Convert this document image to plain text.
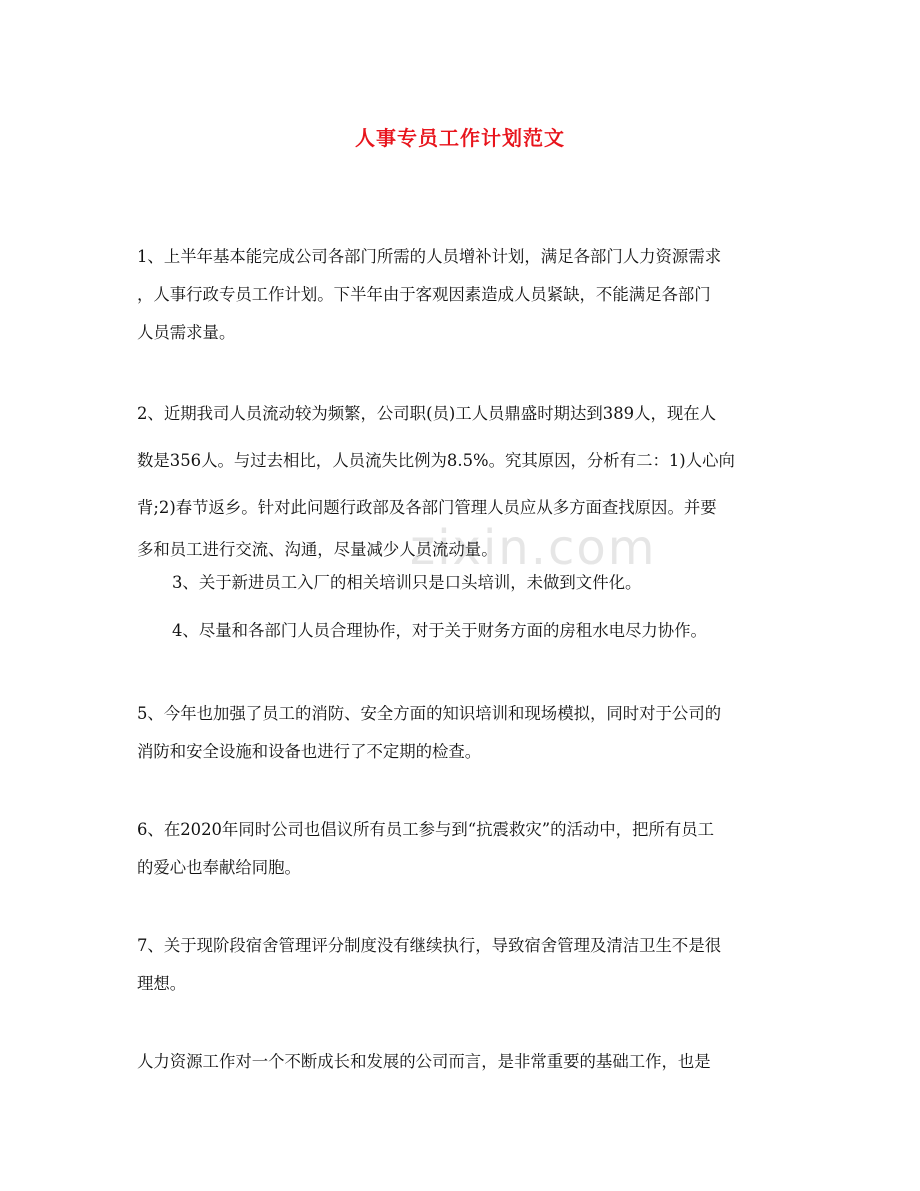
zixin.com
人事专员工作计划范文
1、上半年基本能完成公司各部门所需的人员增补计划，满足各部门人力资源需求
，人事行政专员工作计划。下半年由于客观因素造成人员紧缺，不能满足各部门
人员需求量。
2、近期我司人员流动较为频繁，公司职(员)工人员鼎盛时期达到389人，现在人
数是356人。与过去相比，人员流失比例为8.5%。究其原因，分析有二：1)人心向
背;2)春节返乡。针对此问题行政部及各部门管理人员应从多方面查找原因。并要
多和员工进行交流、沟通，尽量减少人员流动量。
3、关于新进员工入厂的相关培训只是口头培训，未做到文件化。
4、尽量和各部门人员合理协作，对于关于财务方面的房租水电尽力协作。
5、今年也加强了员工的消防、安全方面的知识培训和现场模拟，同时对于公司的
消防和安全设施和设备也进行了不定期的检查。
6、在2020年同时公司也倡议所有员工参与到“抗震救灾”的活动中，把所有员工
的爱心也奉献给同胞。
7、关于现阶段宿舍管理评分制度没有继续执行，导致宿舍管理及清洁卫生不是很
理想。
人力资源工作对一个不断成长和发展的公司而言，是非常重要的基础工作，也是
